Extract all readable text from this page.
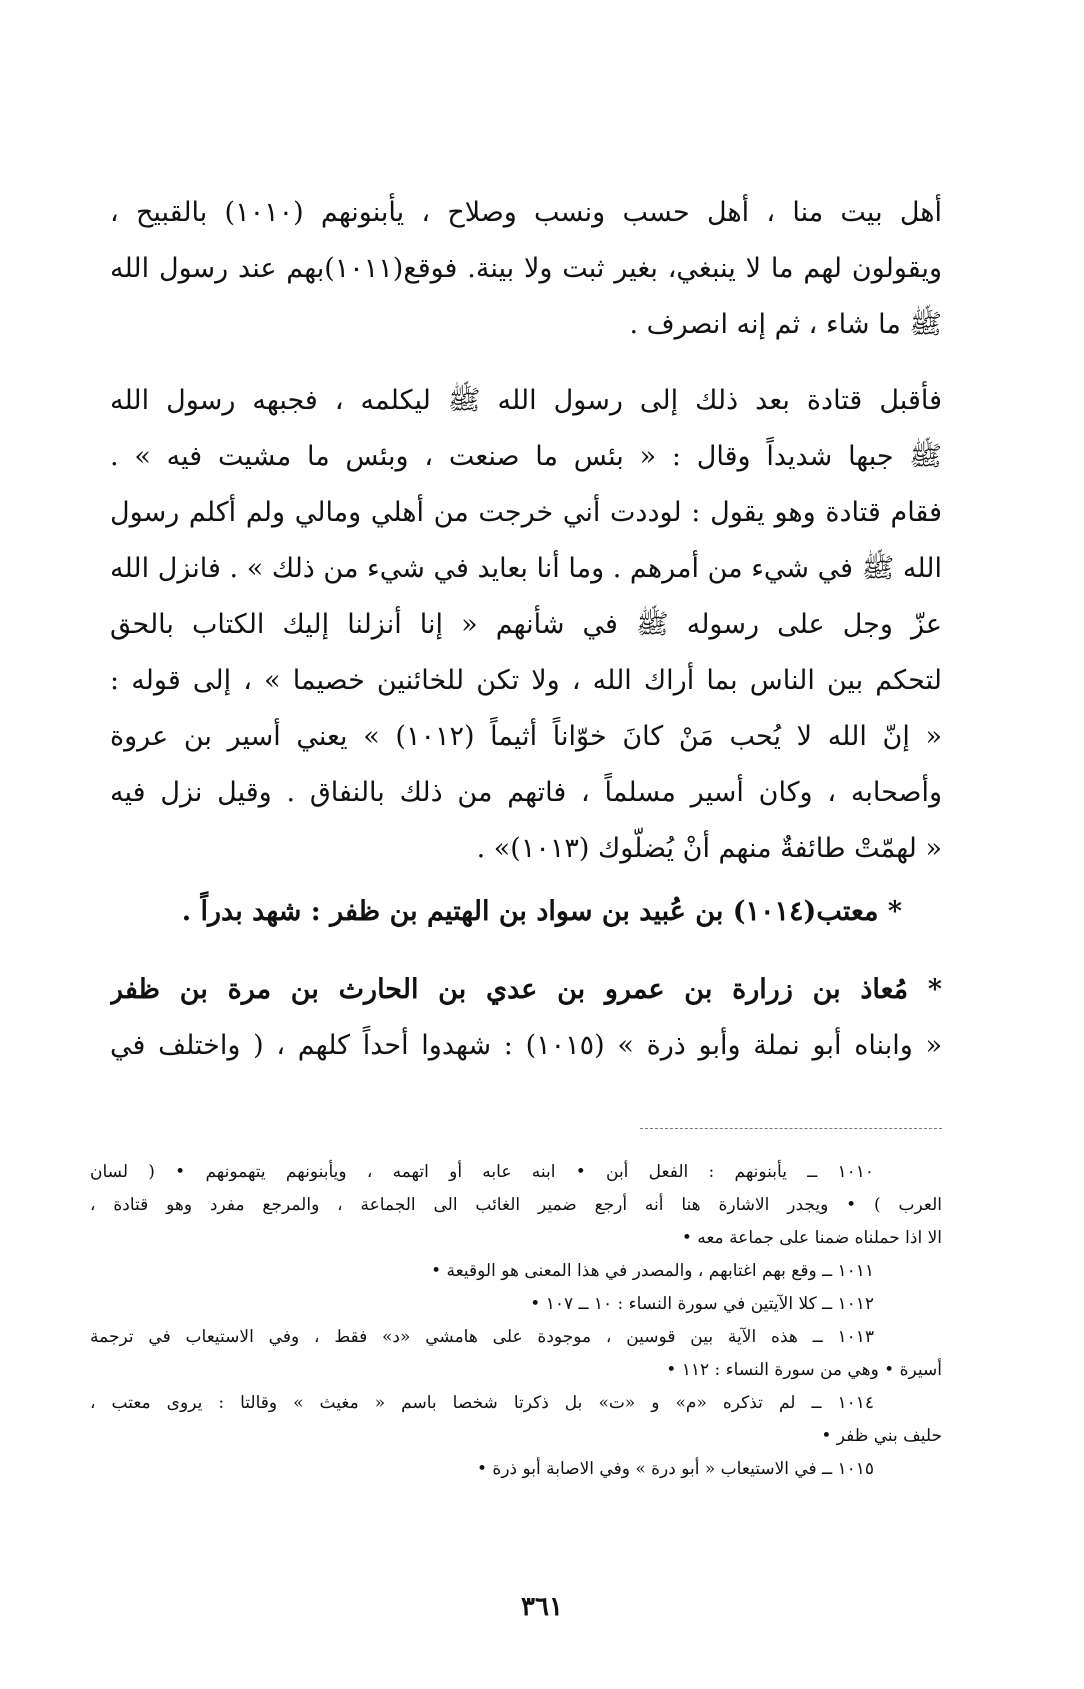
أهل بيت منا ، أهل حسب ونسب وصلاح ، يأبنونهم (١٠١٠) بالقبيح ،
ويقولون لهم ما لا ينبغي، بغير ثبت ولا بينة. فوقع(١٠١١)بهم عند رسول الله
ﷺ ما شاء ، ثم إنه انصرف .
فأقبل قتادة بعد ذلك إلى رسول الله ﷺ ليكلمه ، فجبهه رسول الله
ﷺ جبها شديداً وقال : « بئس ما صنعت ، وبئس ما مشيت فيه » .
فقام قتادة وهو يقول : لوددت أني خرجت من أهلي ومالي ولم أكلم رسول
الله ﷺ في شيء من أمرهم . وما أنا بعايد في شيء من ذلك » . فانزل الله
عزّ وجل على رسوله ﷺ في شأنهم « إنا أنزلنا إليك الكتاب بالحق
لتحكم بين الناس بما أراك الله ، ولا تكن للخائنين خصيما » ، إلى قوله :
« إنّ الله لا يُحب مَنْ كانَ خوّاناً أثيماً (١٠١٢) » يعني أسير بن عروة
وأصحابه ، وكان أسير مسلماً ، فاتهم من ذلك بالنفاق . وقيل نزل فيه
« لهمّتْ طائفةٌ منهم أنْ يُضلّوك (١٠١٣)» .
* معتب(١٠١٤) بن عُبيد بن سواد بن الهتيم بن ظفر : شهد بدراً .
* مُعاذ بن زرارة بن عمرو بن عدي بن الحارث بن مرة بن ظفر
« وابناه أبو نملة وأبو ذرة » (١٠١٥) : شهدوا أحداً كلهم ، ( واختلف في
١٠١٠ ــ يأبنونهم : الفعل أبن • ابنه عابه أو اتهمه ، ويأبنونهم يتهمونهم • ( لسان
العرب ) • ويجدر الاشارة هنا أنه أرجع ضمير الغائب الى الجماعة ، والمرجع مفرد وهو قتادة ،
الا اذا حملناه ضمنا على جماعة معه •
١٠١١ ــ وقع بهم اغتابهم ، والمصدر في هذا المعنى هو الوقيعة •
١٠١٢ ــ كلا الآيتين في سورة النساء : ١٠ ــ ١٠٧ •
١٠١٣ ــ هذه الآية بين قوسين ، موجودة على هامشي «د» فقط ، وفي الاستيعاب في ترجمة
أسيرة • وهي من سورة النساء : ١١٢ •
١٠١٤ ــ لم تذكره «م» و «ت» بل ذكرتا شخصا باسم « مغيث » وقالتا : يروى معتب ،
حليف بني ظفر •
١٠١٥ ــ في الاستيعاب « أبو درة » وفي الاصابة أبو ذرة •
٣٦١
